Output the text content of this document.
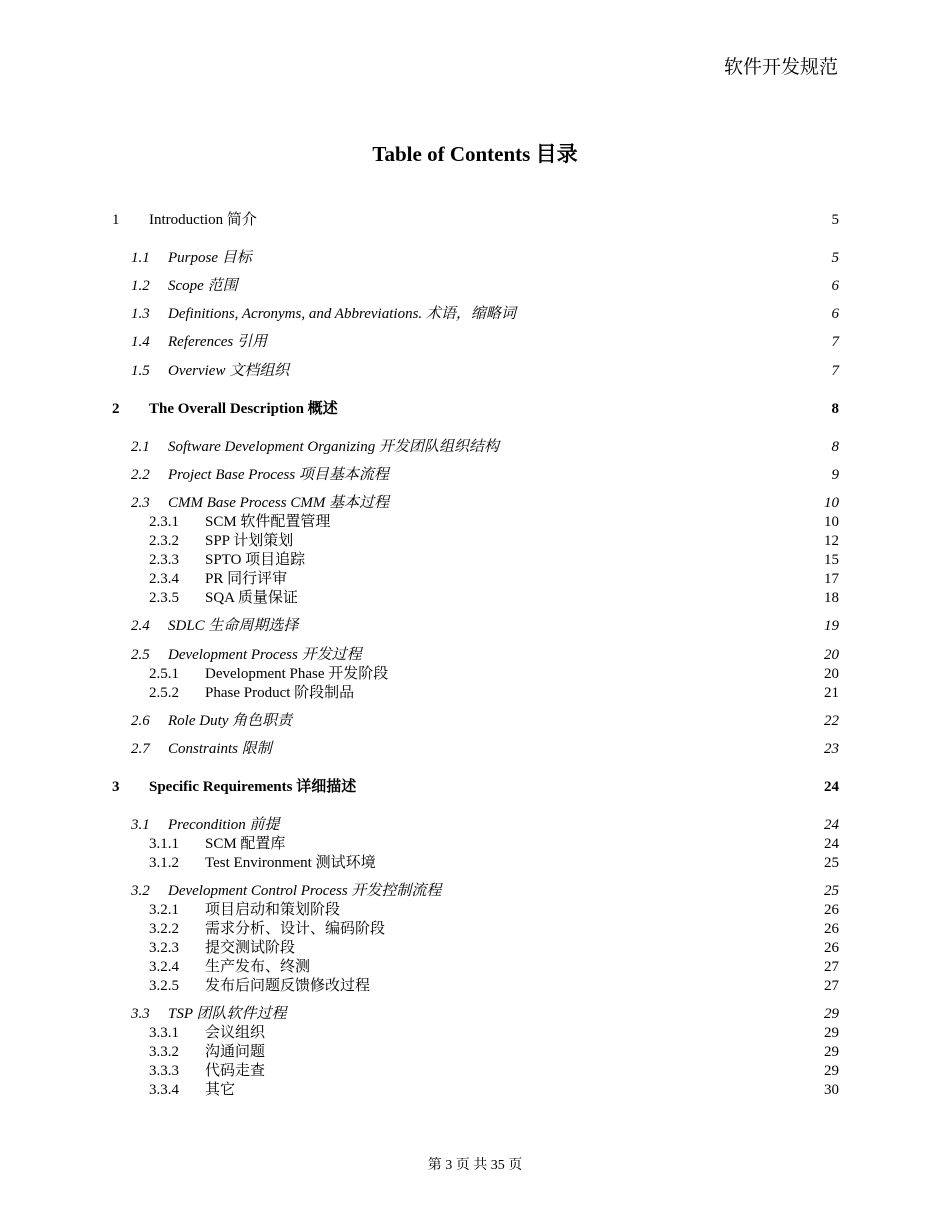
软件开发规范
Table of Contents 目录
1 Introduction 简介	5
1.1 Purpose 目标	5
1.2 Scope 范围	6
1.3 Definitions, Acronyms, and Abbreviations. 术语，缩略词	6
1.4 References 引用	7
1.5 Overview 文档组织	7
2 The Overall Description 概述	8
2.1 Software Development Organizing 开发团队组织结构	8
2.2 Project Base Process 项目基本流程	9
2.3 CMM Base Process CMM 基本过程	10
2.3.1 SCM 软件配置管理	10
2.3.2 SPP 计划策划	12
2.3.3 SPTO 项目追踪	15
2.3.4 PR 同行评审	17
2.3.5 SQA 质量保证	18
2.4 SDLC 生命周期选择	19
2.5 Development Process 开发过程	20
2.5.1 Development Phase 开发阶段	20
2.5.2 Phase Product 阶段制品	21
2.6 Role Duty 角色职责	22
2.7 Constraints 限制	23
3 Specific Requirements 详细描述	24
3.1 Precondition 前提	24
3.1.1 SCM 配置库	24
3.1.2 Test Environment 测试环境	25
3.2 Development Control Process 开发控制流程	25
3.2.1 项目启动和策划阶段	26
3.2.2 需求分析、设计、编码阶段	26
3.2.3 提交测试阶段	26
3.2.4 生产发布、终测	27
3.2.5 发布后问题反馈修改过程	27
3.3 TSP 团队软件过程	29
3.3.1 会议组织	29
3.3.2 沟通问题	29
3.3.3 代码走查	29
3.3.4 其它	30
第 3 页 共 35 页
